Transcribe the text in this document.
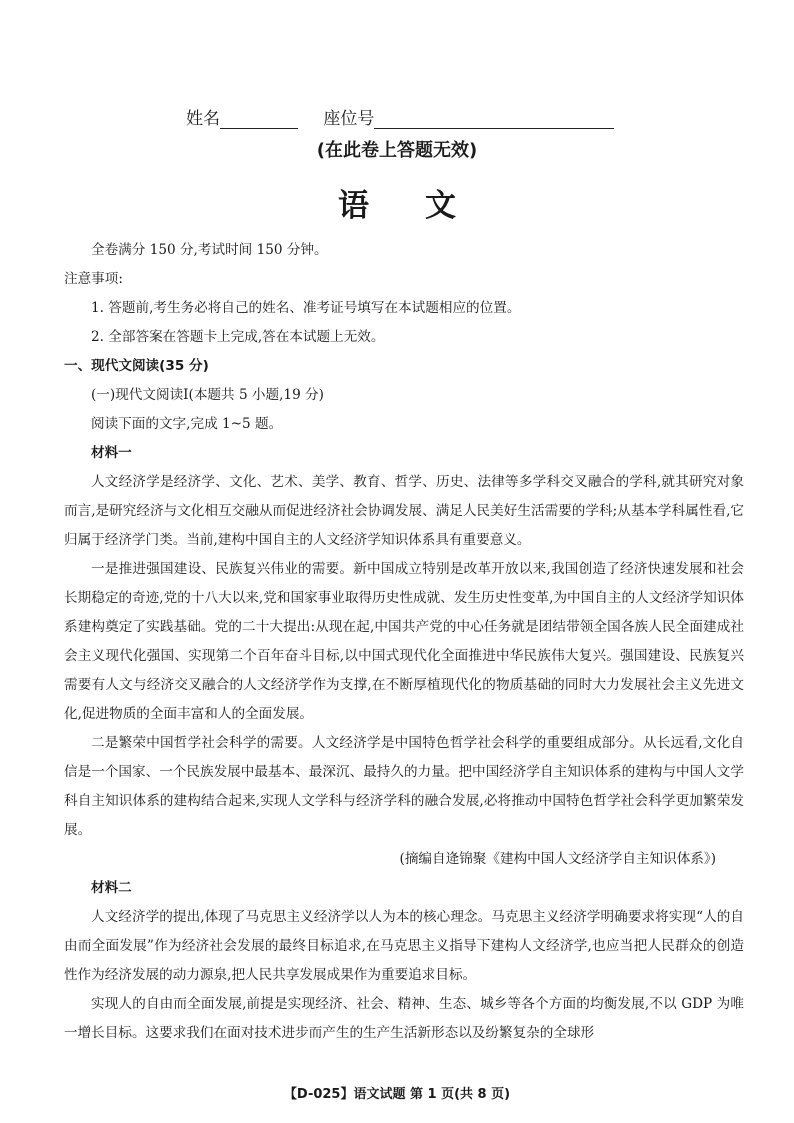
姓名	座位号
(在此卷上答题无效)
语文

全卷满分 150 分,考试时间 150 分钟。

注意事项:

1. 答题前,考生务必将自己的姓名、准考证号填写在本试题相应的位置。

2. 全部答案在答题卡上完成,答在本试题上无效。

一、现代文阅读(35 分)

(一)现代文阅读Ⅰ(本题共 5 小题,19 分)

阅读下面的文字,完成 1~5 题。

材料一

人文经济学是经济学、文化、艺术、美学、教育、哲学、历史、法律等多学科交叉融合的学科,就其研究对象而言,是研究经济与文化相互交融从而促进经济社会协调发展、满足人民美好生活需要的学科;从基本学科属性看,它归属于经济学门类。当前,建构中国自主的人文经济学知识体系具有重要意义。

一是推进强国建设、民族复兴伟业的需要。新中国成立特别是改革开放以来,我国创造了经济快速发展和社会长期稳定的奇迹,党的十八大以来,党和国家事业取得历史性成就、发生历史性变革,为中国自主的人文经济学知识体系建构奠定了实践基础。党的二十大提出:从现在起,中国共产党的中心任务就是团结带领全国各族人民全面建成社会主义现代化强国、实现第二个百年奋斗目标,以中国式现代化全面推进中华民族伟大复兴。强国建设、民族复兴需要有人文与经济交叉融合的人文经济学作为支撑,在不断厚植现代化的物质基础的同时大力发展社会主义先进文化,促进物质的全面丰富和人的全面发展。

二是繁荣中国哲学社会科学的需要。人文经济学是中国特色哲学社会科学的重要组成部分。从长远看,文化自信是一个国家、一个民族发展中最基本、最深沉、最持久的力量。把中国经济学自主知识体系的建构与中国人文学科自主知识体系的建构结合起来,实现人文学科与经济学科的融合发展,必将推动中国特色哲学社会科学更加繁荣发展。

(摘编自逄锦聚《建构中国人文经济学自主知识体系》)

材料二

人文经济学的提出,体现了马克思主义经济学以人为本的核心理念。马克思主义经济学明确要求将实现“人的自由而全面发展”作为经济社会发展的最终目标追求,在马克思主义指导下建构人文经济学,也应当把人民群众的创造性作为经济发展的动力源泉,把人民共享发展成果作为重要追求目标。

实现人的自由而全面发展,前提是实现经济、社会、精神、生态、城乡等各个方面的均衡发展,不以 GDP 为唯一增长目标。这要求我们在面对技术进步而产生的生产生活新形态以及纷繁复杂的全球形

【D-025】语文试题 第 1 页(共 8 页)
